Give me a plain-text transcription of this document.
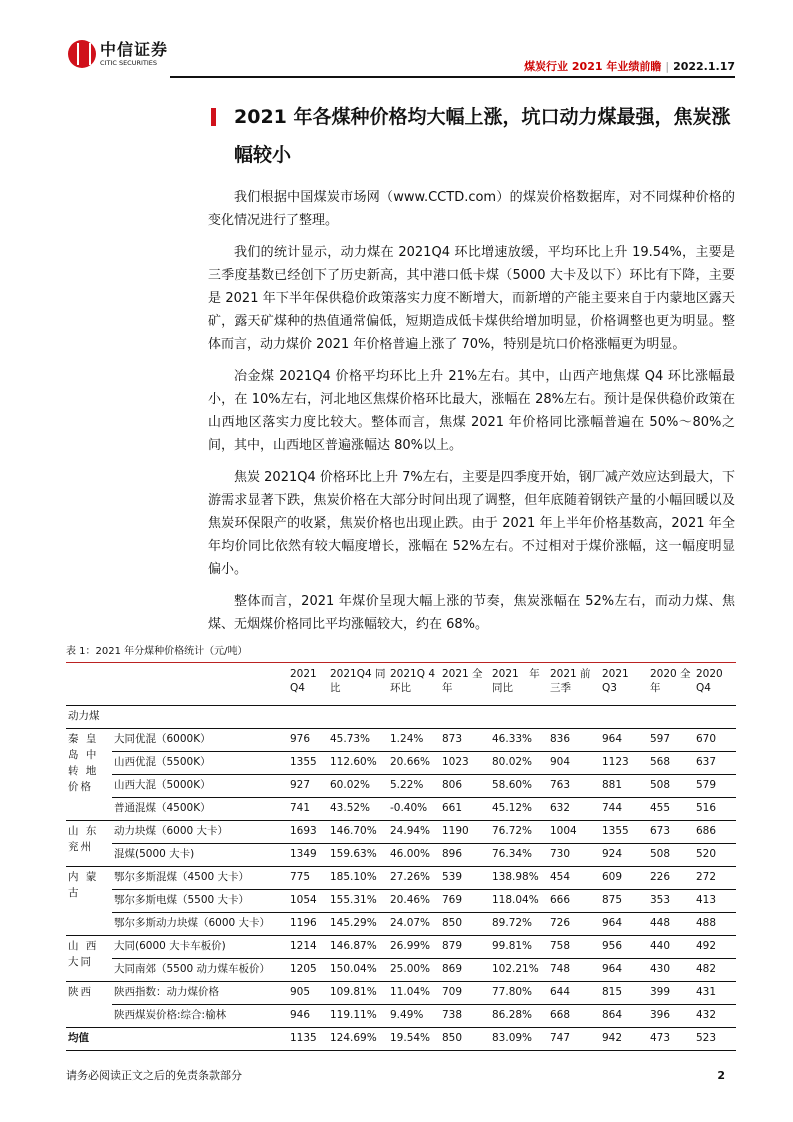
中信证券
CITIC SECURITIES	煤炭行业 2021 年业绩前瞻 | 2022.1.17
2021 年各煤种价格均大幅上涨，坑口动力煤最强，焦炭涨幅较小

我们根据中国煤炭市场网（www.CCTD.com）的煤炭价格数据库，对不同煤种价格的变化情况进行了整理。

我们的统计显示，动力煤在 2021Q4 环比增速放缓，平均环比上升 19.54%，主要是三季度基数已经创下了历史新高，其中港口低卡煤（5000 大卡及以下）环比有下降，主要是 2021 年下半年保供稳价政策落实力度不断增大，而新增的产能主要来自于内蒙地区露天矿，露天矿煤种的热值通常偏低，短期造成低卡煤供给增加明显，价格调整也更为明显。整体而言，动力煤价 2021 年价格普遍上涨了 70%，特别是坑口价格涨幅更为明显。

冶金煤 2021Q4 价格平均环比上升 21%左右。其中，山西产地焦煤 Q4 环比涨幅最小，在 10%左右，河北地区焦煤价格环比最大，涨幅在 28%左右。预计是保供稳价政策在山西地区落实力度比较大。整体而言，焦煤 2021 年价格同比涨幅普遍在 50%～80%之间，其中，山西地区普遍涨幅达 80%以上。

焦炭 2021Q4 价格环比上升 7%左右，主要是四季度开始，钢厂减产效应达到最大，下游需求显著下跌，焦炭价格在大部分时间出现了调整，但年底随着钢铁产量的小幅回暖以及焦炭环保限产的收紧，焦炭价格也出现止跌。由于 2021 年上半年价格基数高，2021 年全年均价同比依然有较大幅度增长，涨幅在 52%左右。不过相对于煤价涨幅，这一幅度明显偏小。

整体而言，2021 年煤价呈现大幅上涨的节奏，焦炭涨幅在 52%左右，而动力煤、焦煤、无烟煤价格同比平均涨幅较大，约在 68%。

表 1：2021 年分煤种价格统计（元/吨）
		2021 Q4	2021Q4 同比	2021Q 4 环比	2021 全年	2021　年 同比	2021 前三季	2021 Q3	2020 全年	2020 Q4
动力煤										
秦 皇 岛 中 转 地 价格	大同优混（6000K）	976	45.73%	1.24%	873	46.33%	836	964	597	670
	山西优混（5500K）	1355	112.60%	20.66%	1023	80.02%	904	1123	568	637
	山西大混（5000K）	927	60.02%	5.22%	806	58.60%	763	881	508	579
	普通混煤（4500K）	741	43.52%	-0.40%	661	45.12%	632	744	455	516
山 东 兖州	动力块煤（6000 大卡）	1693	146.70%	24.94%	1190	76.72%	1004	1355	673	686
	混煤(5000 大卡)	1349	159.63%	46.00%	896	76.34%	730	924	508	520
内 蒙 古	鄂尔多斯混煤（4500 大卡）	775	185.10%	27.26%	539	138.98%	454	609	226	272
	鄂尔多斯电煤（5500 大卡）	1054	155.31%	20.46%	769	118.04%	666	875	353	413
	鄂尔多斯动力块煤（6000 大卡）	1196	145.29%	24.07%	850	89.72%	726	964	448	488
山 西 大同	大同(6000 大卡车板价)	1214	146.87%	26.99%	879	99.81%	758	956	440	492
	大同南郊（5500 动力煤车板价）	1205	150.04%	25.00%	869	102.21%	748	964	430	482
陕西	陕西指数：动力煤价格	905	109.81%	11.04%	709	77.80%	644	815	399	431
	陕西煤炭价格:综合:榆林	946	119.11%	9.49%	738	86.28%	668	864	396	432
均值		1135	124.69%	19.54%	850	83.09%	747	942	473	523
请务必阅读正文之后的免责条款部分	2
